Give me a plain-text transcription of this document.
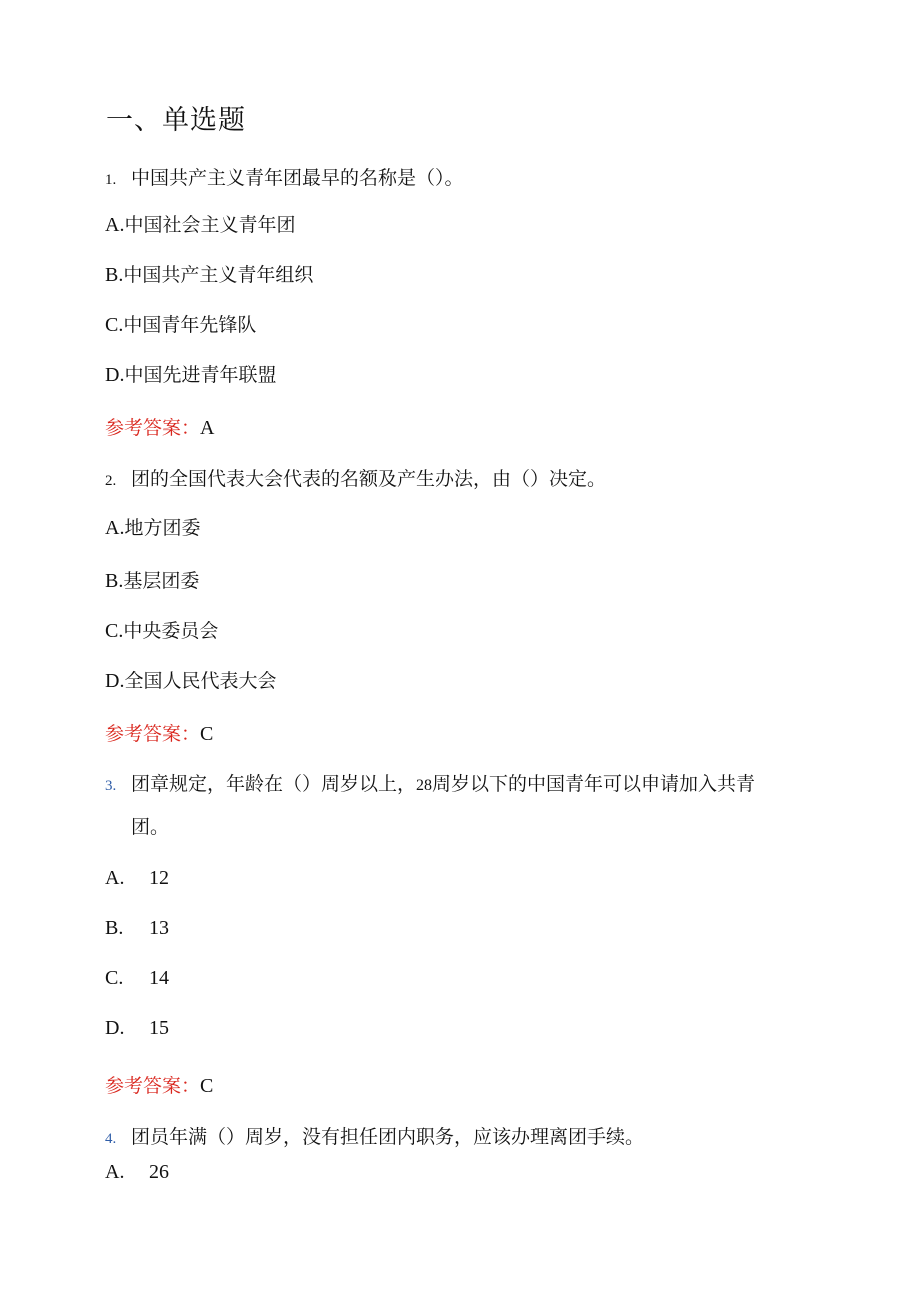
一、单选题
1. 中国共产主义青年团最早的名称是（）。
A.中国社会主义青年团
B.中国共产主义青年组织
C.中国青年先锋队
D.中国先进青年联盟
参考答案：A
2. 团的全国代表大会代表的名额及产生办法，由（）决定。
A.地方团委
B.基层团委
C.中央委员会
D.全国人民代表大会
参考答案：C
3. 团章规定，年龄在（）周岁以上，28周岁以下的中国青年可以申请加入共青
团。
A. 12
B. 13
C. 14
D. 15
参考答案：C
4. 团员年满（）周岁，没有担任团内职务，应该办理离团手续。
A. 26
